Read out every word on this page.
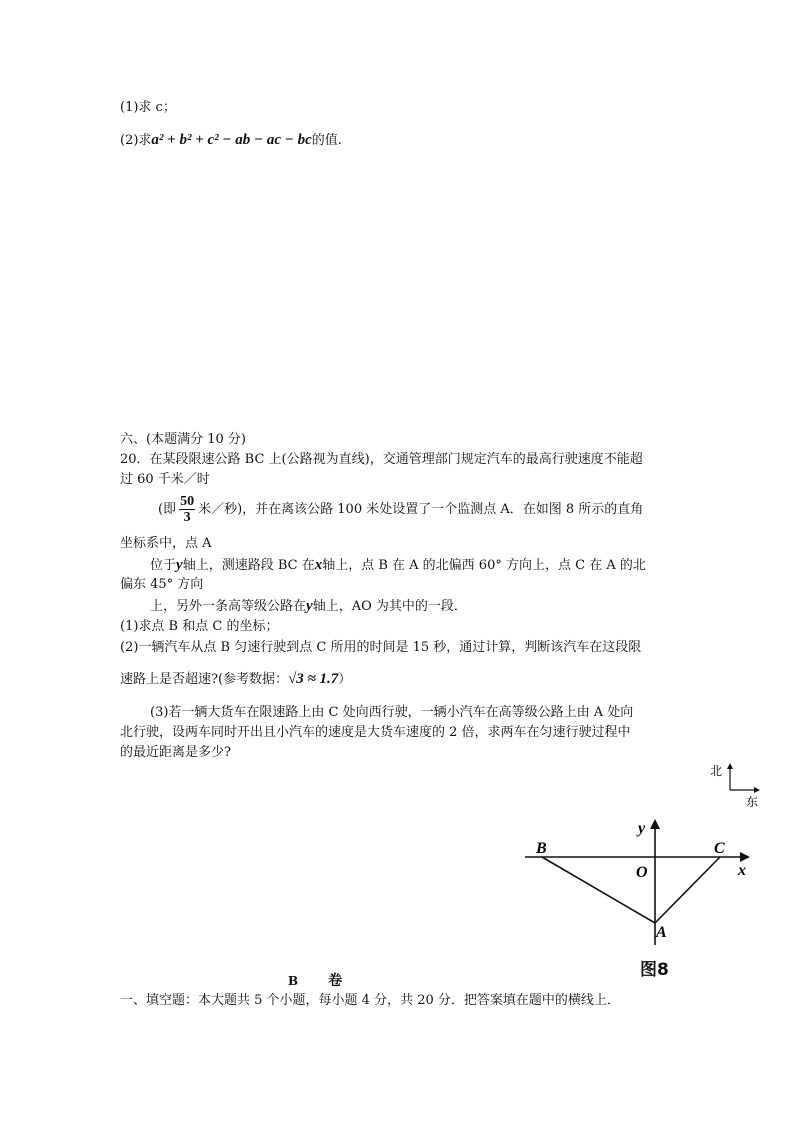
(1)求 c；
(2)求a² + b² + c² − ab − ac − bc的值.
六、(本题满分 10 分)
20．在某段限速公路 BC 上(公路视为直线)，交通管理部门规定汽车的最高行驶速度不能超
过 60 千米／时
(即 $\frac{50}{3}$ 米／秒)，并在离该公路 100 米处设置了一个监测点 A．在如图 8 所示的直角
坐标系中，点 A
位于y轴上，测速路段 BC 在x轴上，点 B 在 A 的北偏西 60° 方向上，点 C 在 A 的北
偏东 45° 方向
上，另外一条高等级公路在y轴上，AO 为其中的一段．
(1)求点 B 和点 C 的坐标；
(2)一辆汽车从点 B 匀速行驶到点 C 所用的时间是 15 秒，通过计算，判断该汽车在这段限
速路上是否超速?(参考数据：√3 ≈ 1.7）
(3)若一辆大货车在限速路上由 C 处向西行驶，一辆小汽车在高等级公路上由 A 处向
北行驶，设两车同时开出且小汽车的速度是大货车速度的 2 倍，求两车在匀速行驶过程中
的最近距离是多少?
北
东
B	C
O
A
x
y
图8
B 卷
一、填空题：本大题共 5 个小题，每小题 4 分，共 20 分．把答案填在题中的横线上．
